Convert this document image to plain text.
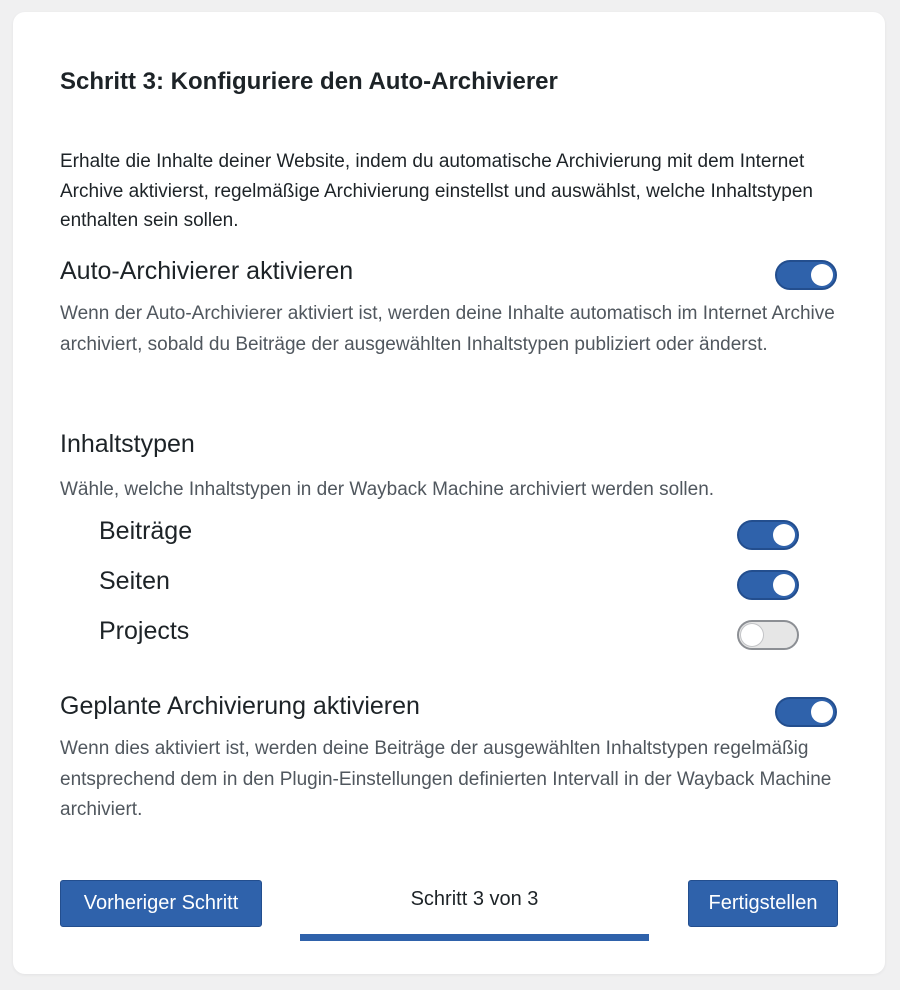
Schritt 3: Konfiguriere den Auto-Archivierer
Erhalte die Inhalte deiner Website, indem du automatische Archivierung mit dem Internet Archive aktivierst, regelmäßige Archivierung einstellst und auswählst, welche Inhaltstypen enthalten sein sollen.
Auto-Archivierer aktivieren
Wenn der Auto-Archivierer aktiviert ist, werden deine Inhalte automatisch im Internet Archive archiviert, sobald du Beiträge der ausgewählten Inhaltstypen publiziert oder änderst.
Inhaltstypen
Wähle, welche Inhaltstypen in der Wayback Machine archiviert werden sollen.
Beiträge
Seiten
Projects
Geplante Archivierung aktivieren
Wenn dies aktiviert ist, werden deine Beiträge der ausgewählten Inhaltstypen regelmäßig entsprechend dem in den Plugin-Einstellungen definierten Intervall in der Wayback Machine archiviert.
Vorheriger Schritt	Schritt 3 von 3	Fertigstellen
